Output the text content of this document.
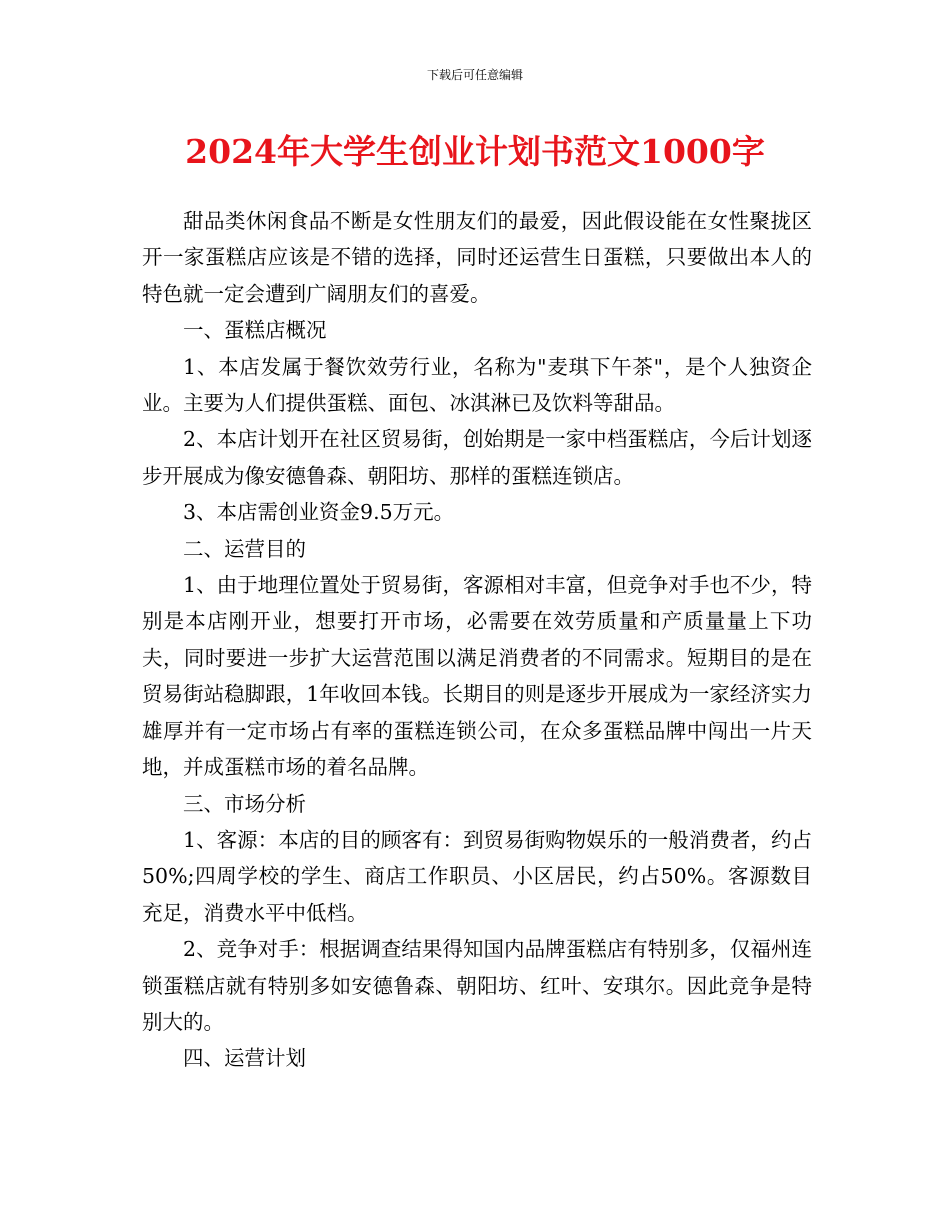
下载后可任意编辑
2024年大学生创业计划书范文1000字

甜品类休闲食品不断是女性朋友们的最爱，因此假设能在女性聚拢区开一家蛋糕店应该是不错的选择，同时还运营生日蛋糕，只要做出本人的特色就一定会遭到广阔朋友们的喜爱。

一、蛋糕店概况

1、本店发属于餐饮效劳行业，名称为"麦琪下午茶"，是个人独资企业。主要为人们提供蛋糕、面包、冰淇淋已及饮料等甜品。

2、本店计划开在社区贸易街，创始期是一家中档蛋糕店，今后计划逐步开展成为像安德鲁森、朝阳坊、那样的蛋糕连锁店。

3、本店需创业资金9.5万元。

二、运营目的

1、由于地理位置处于贸易街，客源相对丰富，但竞争对手也不少，特别是本店刚开业，想要打开市场，必需要在效劳质量和产质量量上下功夫，同时要进一步扩大运营范围以满足消费者的不同需求。短期目的是在贸易街站稳脚跟，1年收回本钱。长期目的则是逐步开展成为一家经济实力雄厚并有一定市场占有率的蛋糕连锁公司，在众多蛋糕品牌中闯出一片天地，并成蛋糕市场的着名品牌。

三、市场分析

1、客源：本店的目的顾客有：到贸易街购物娱乐的一般消费者，约占50%;四周学校的学生、商店工作职员、小区居民，约占50%。客源数目充足，消费水平中低档。

2、竞争对手：根据调查结果得知国内品牌蛋糕店有特别多，仅福州连锁蛋糕店就有特别多如安德鲁森、朝阳坊、红叶、安琪尔。因此竞争是特别大的。

四、运营计划
